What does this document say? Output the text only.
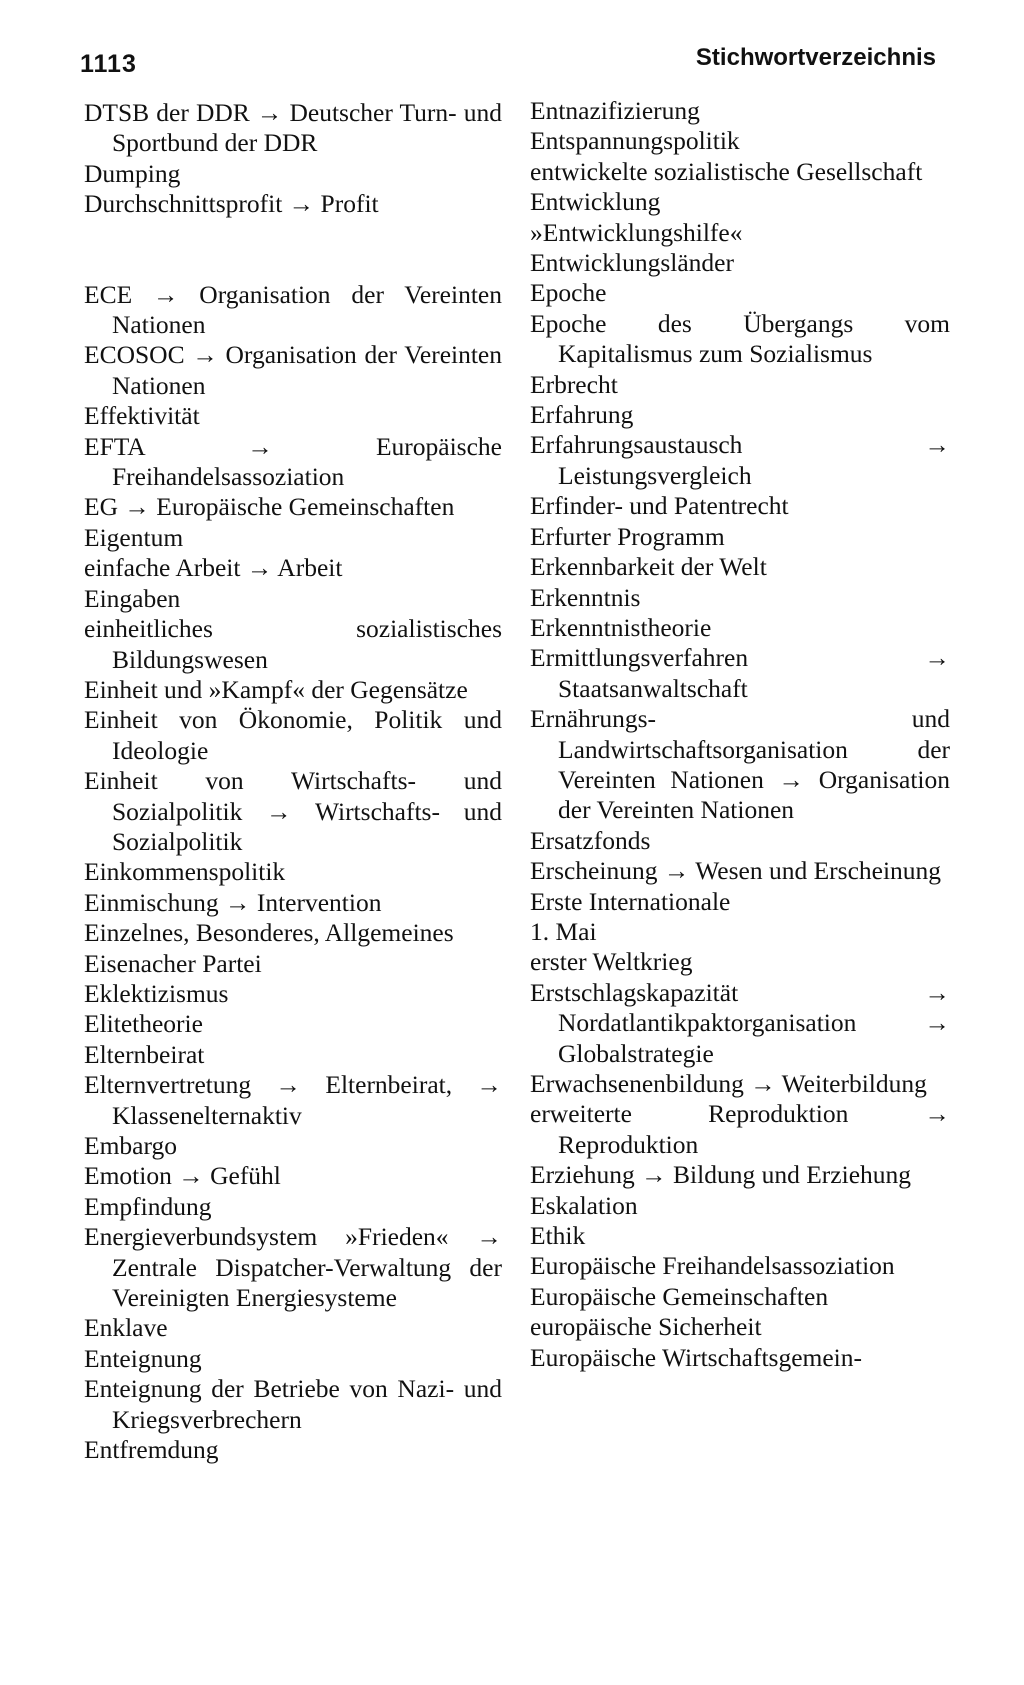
1113	Stichwortverzeichnis
DTSB der DDR → Deutscher Turn- und Sportbund der DDR
Dumping
Durchschnittsprofit → Profit
ECE → Organisation der Vereinten Nationen
ECOSOC → Organisation der Vereinten Nationen
Effektivität
EFTA → Europäische Freihandelsassoziation
EG → Europäische Gemeinschaften
Eigentum
einfache Arbeit → Arbeit
Eingaben
einheitliches sozialistisches Bildungswesen
Einheit und »Kampf« der Gegensätze
Einheit von Ökonomie, Politik und Ideologie
Einheit von Wirtschafts- und Sozialpolitik → Wirtschafts- und Sozialpolitik
Einkommenspolitik
Einmischung → Intervention
Einzelnes, Besonderes, Allgemeines
Eisenacher Partei
Eklektizismus
Elitetheorie
Elternbeirat
Elternvertretung → Elternbeirat, → Klassenelternaktiv
Embargo
Emotion → Gefühl
Empfindung
Energieverbundsystem »Frieden« → Zentrale Dispatcher-Verwaltung der Vereinigten Energiesysteme
Enklave
Enteignung
Enteignung der Betriebe von Nazi- und Kriegsverbrechern
Entfremdung
Entnazifizierung
Entspannungspolitik
entwickelte sozialistische Gesellschaft
Entwicklung
»Entwicklungshilfe«
Entwicklungsländer
Epoche
Epoche des Übergangs vom Kapitalismus zum Sozialismus
Erbrecht
Erfahrung
Erfahrungsaustausch → Leistungsvergleich
Erfinder- und Patentrecht
Erfurter Programm
Erkennbarkeit der Welt
Erkenntnis
Erkenntnistheorie
Ermittlungsverfahren → Staatsanwaltschaft
Ernährungs- und Landwirtschaftsorganisation der Vereinten Nationen → Organisation der Vereinten Nationen
Ersatzfonds
Erscheinung → Wesen und Erscheinung
Erste Internationale
1. Mai
erster Weltkrieg
Erstschlagskapazität → Nordatlantikpaktorganisation → Globalstrategie
Erwachsenenbildung → Weiterbildung
erweiterte Reproduktion → Reproduktion
Erziehung → Bildung und Erziehung
Eskalation
Ethik
Europäische Freihandelsassoziation
Europäische Gemeinschaften
europäische Sicherheit
Europäische Wirtschaftsgemein-
